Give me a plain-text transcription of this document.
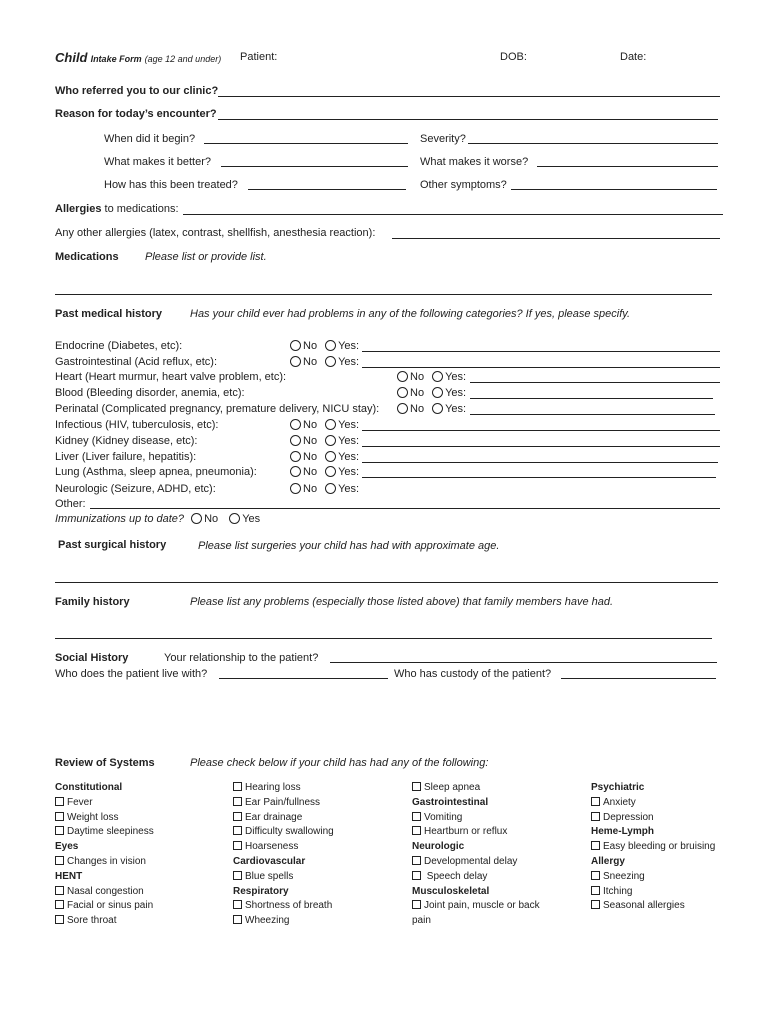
Child Intake Form (age 12 and under) Patient:	DOB:	Date:
Who referred you to our clinic?
Reason for today’s encounter?
When did it begin?	Severity?
What makes it better?	What makes it worse?
How has this been treated?	Other symptoms?
Allergies to medications:
Any other allergies (latex, contrast, shellfish, anesthesia reaction):
Medications Please list or provide list.
Past medical history	Has your child ever had problems in any of the following categories? If yes, please specify.
Endocrine (Diabetes, etc):	No Yes:
Gastrointestinal (Acid reflux, etc):	No Yes:
Heart (Heart murmur, heart valve problem, etc):	No Yes:
Blood (Bleeding disorder, anemia, etc):	No Yes:
Perinatal (Complicated pregnancy, premature delivery, NICU stay):	No Yes:
Infectious (HIV, tuberculosis, etc):	No Yes:
Kidney (Kidney disease, etc):	No Yes:
Liver (Liver failure, hepatitis):	No Yes:
Lung (Asthma, sleep apnea, pneumonia):	No Yes:
Neurologic (Seizure, ADHD, etc):	No Yes:
Other:
Immunizations up to date? No Yes
Past surgical history	Please list surgeries your child has had with approximate age.
Family history	Please list any problems (especially those listed above) that family members have had.
Social History	Your relationship to the patient?
Who does the patient live with?	Who has custody of the patient?
Review of Systems	Please check below if your child has had any of the following:
Constitutional
Fever
Weight loss
Daytime sleepiness
Eyes
Changes in vision
HENT
Nasal congestion
Facial or sinus pain
Sore throat
Hearing loss
Ear Pain/fullness
Ear drainage
Difficulty swallowing
Hoarseness
Cardiovascular
Blue spells
Respiratory
Shortness of breath
Wheezing
Sleep apnea
Gastrointestinal
Vomiting
Heartburn or reflux
Neurologic
Developmental delay
Speech delay
Musculoskeletal
Joint pain, muscle or back
pain
Psychiatric
Anxiety
Depression
Heme-Lymph
Easy bleeding or bruising
Allergy
Sneezing
Itching
Seasonal allergies
